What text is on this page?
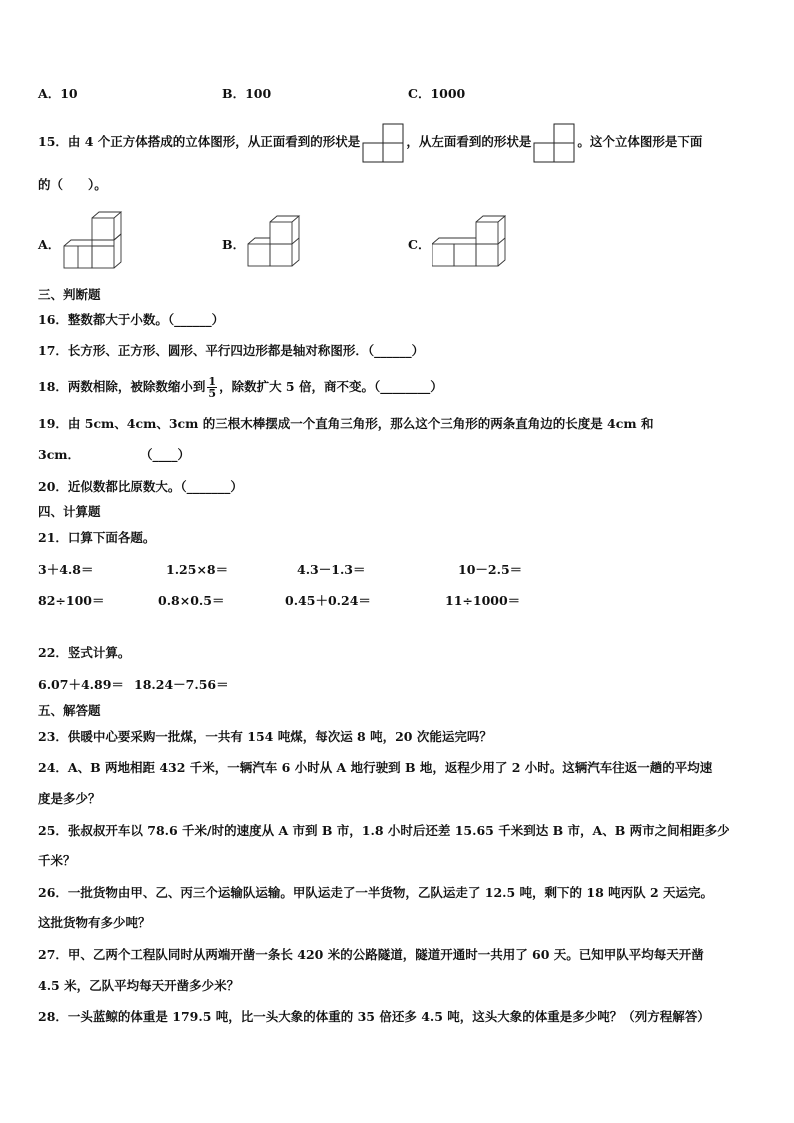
A．10	B．100	C．1000
15．由 4 个正方体搭成的立体图形，从正面看到的形状是	，从左面看到的形状是	。这个立体图形是下面
的（　　）。
A．	B．	C．
三、判断题
16．整数都大于小数。（______）
17．长方形、正方形、圆形、平行四边形都是轴对称图形．（______）
18．两数相除，被除数缩小到 $\frac{1}{5}$ ，除数扩大 5 倍，商不变。（________）
19．由 5cm、4cm、3cm 的三根木棒摆成一个直角三角形，那么这个三角形的两条直角边的长度是 4cm 和
3cm．	（____）
20．近似数都比原数大。（_______）
四、计算题
21．口算下面各题。
3＋4.8＝	1.25×8＝	4.3－1.3＝	10－2.5＝
82÷100＝	0.8×0.5＝	0.45＋0.24＝	11÷1000＝
22．竖式计算。
6.07＋4.89＝ 18.24－7.56＝
五、解答题
23．供暖中心要采购一批煤，一共有 154 吨煤，每次运 8 吨，20 次能运完吗？
24．A、B 两地相距 432 千米，一辆汽车 6 小时从 A 地行驶到 B 地，返程少用了 2 小时。这辆汽车往返一趟的平均速
度是多少？
25．张叔叔开车以 78.6 千米/时的速度从 A 市到 B 市，1.8 小时后还差 15.65 千米到达 B 市，A、B 两市之间相距多少
千米？
26．一批货物由甲、乙、丙三个运输队运输。甲队运走了一半货物，乙队运走了 12.5 吨，剩下的 18 吨丙队 2 天运完。
这批货物有多少吨？
27．甲、乙两个工程队同时从两端开凿一条长 420 米的公路隧道，隧道开通时一共用了 60 天。已知甲队平均每天开凿
4.5 米，乙队平均每天开凿多少米？
28．一头蓝鲸的体重是 179.5 吨，比一头大象的体重的 35 倍还多 4.5 吨，这头大象的体重是多少吨？（列方程解答）
